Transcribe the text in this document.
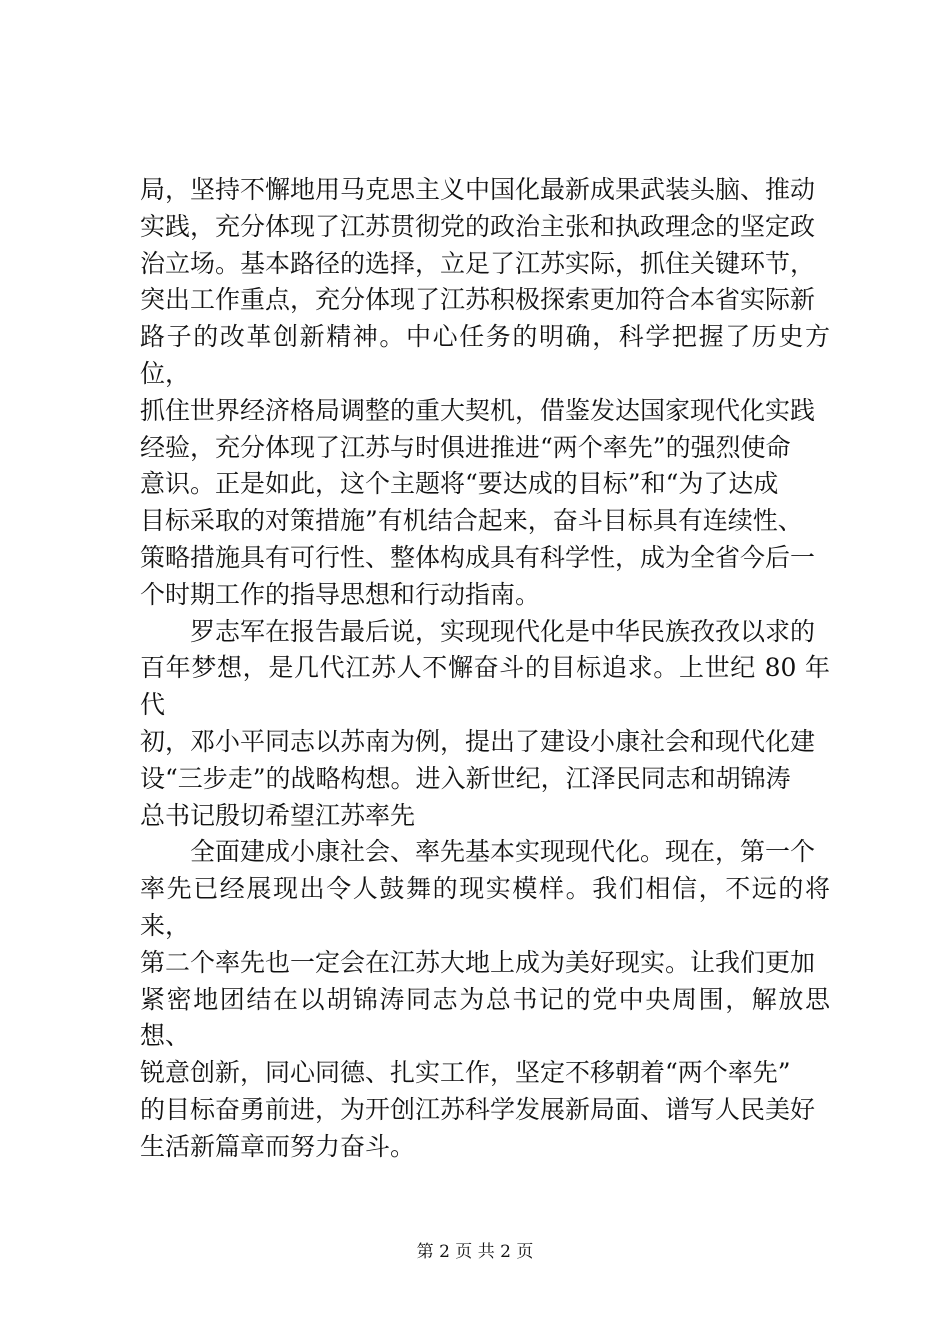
局，坚持不懈地用马克思主义中国化最新成果武装头脑、推动
实践，充分体现了江苏贯彻党的政治主张和执政理念的坚定政
治立场。基本路径的选择，立足了江苏实际，抓住关键环节，
突出工作重点，充分体现了江苏积极探索更加符合本省实际新
路子的改革创新精神。中心任务的明确，科学把握了历史方位，
抓住世界经济格局调整的重大契机，借鉴发达国家现代化实践
经验，充分体现了江苏与时俱进推进“两个率先”的强烈使命
意识。正是如此，这个主题将“要达成的目标”和“为了达成
目标采取的对策措施”有机结合起来，奋斗目标具有连续性、
策略措施具有可行性、整体构成具有科学性，成为全省今后一
个时期工作的指导思想和行动指南。

罗志军在报告最后说，实现现代化是中华民族孜孜以求的
百年梦想，是几代江苏人不懈奋斗的目标追求。上世纪 80 年代
初，邓小平同志以苏南为例，提出了建设小康社会和现代化建
设“三步走”的战略构想。进入新世纪，江泽民同志和胡锦涛
总书记殷切希望江苏率先

全面建成小康社会、率先基本实现现代化。现在，第一个
率先已经展现出令人鼓舞的现实模样。我们相信，不远的将来，
第二个率先也一定会在江苏大地上成为美好现实。让我们更加
紧密地团结在以胡锦涛同志为总书记的党中央周围，解放思想、
锐意创新，同心同德、扎实工作，坚定不移朝着“两个率先”
的目标奋勇前进，为开创江苏科学发展新局面、谱写人民美好
生活新篇章而努力奋斗。

第 2 页 共 2 页
